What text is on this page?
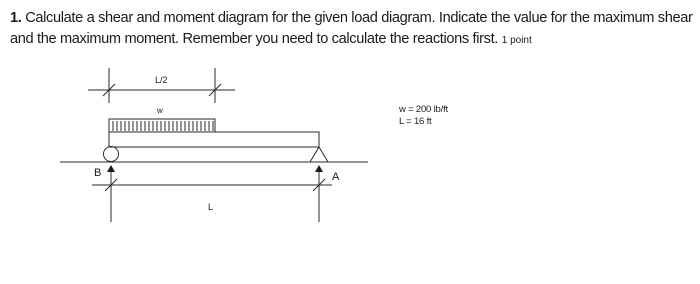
1. Calculate a shear and moment diagram for the given load diagram. Indicate the value for the maximum shear and the maximum moment. Remember you need to calculate the reactions first. 1 point
L/2
w
L
B	A
w = 200 lb/ft
L = 16 ft
